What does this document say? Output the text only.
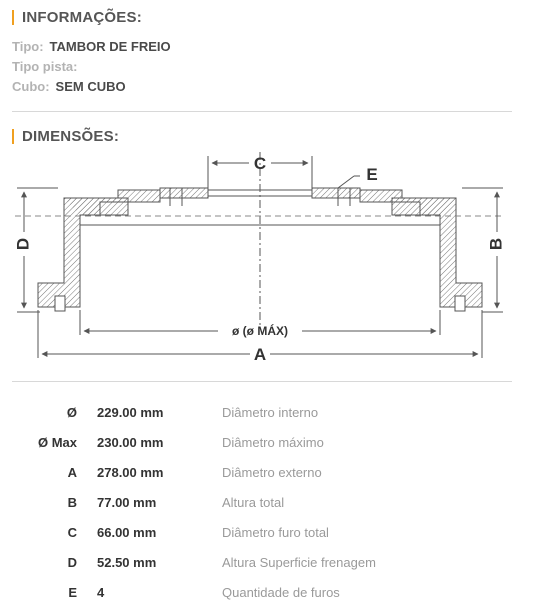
INFORMAÇÕES:
Tipo: TAMBOR DE FREIO
Tipo pista:
Cubo: SEM CUBO
DIMENSÕES:
C
E
D	B
ø (ø MÁX)
A
Ø 229.00 mm	Diâmetro interno
Ø Max 230.00 mm	Diâmetro máximo
A 278.00 mm	Diâmetro externo
B 77.00 mm	Altura total
C 66.00 mm	Diâmetro furo total
D 52.50 mm	Altura Superficie frenagem
E 4	Quantidade de furos
